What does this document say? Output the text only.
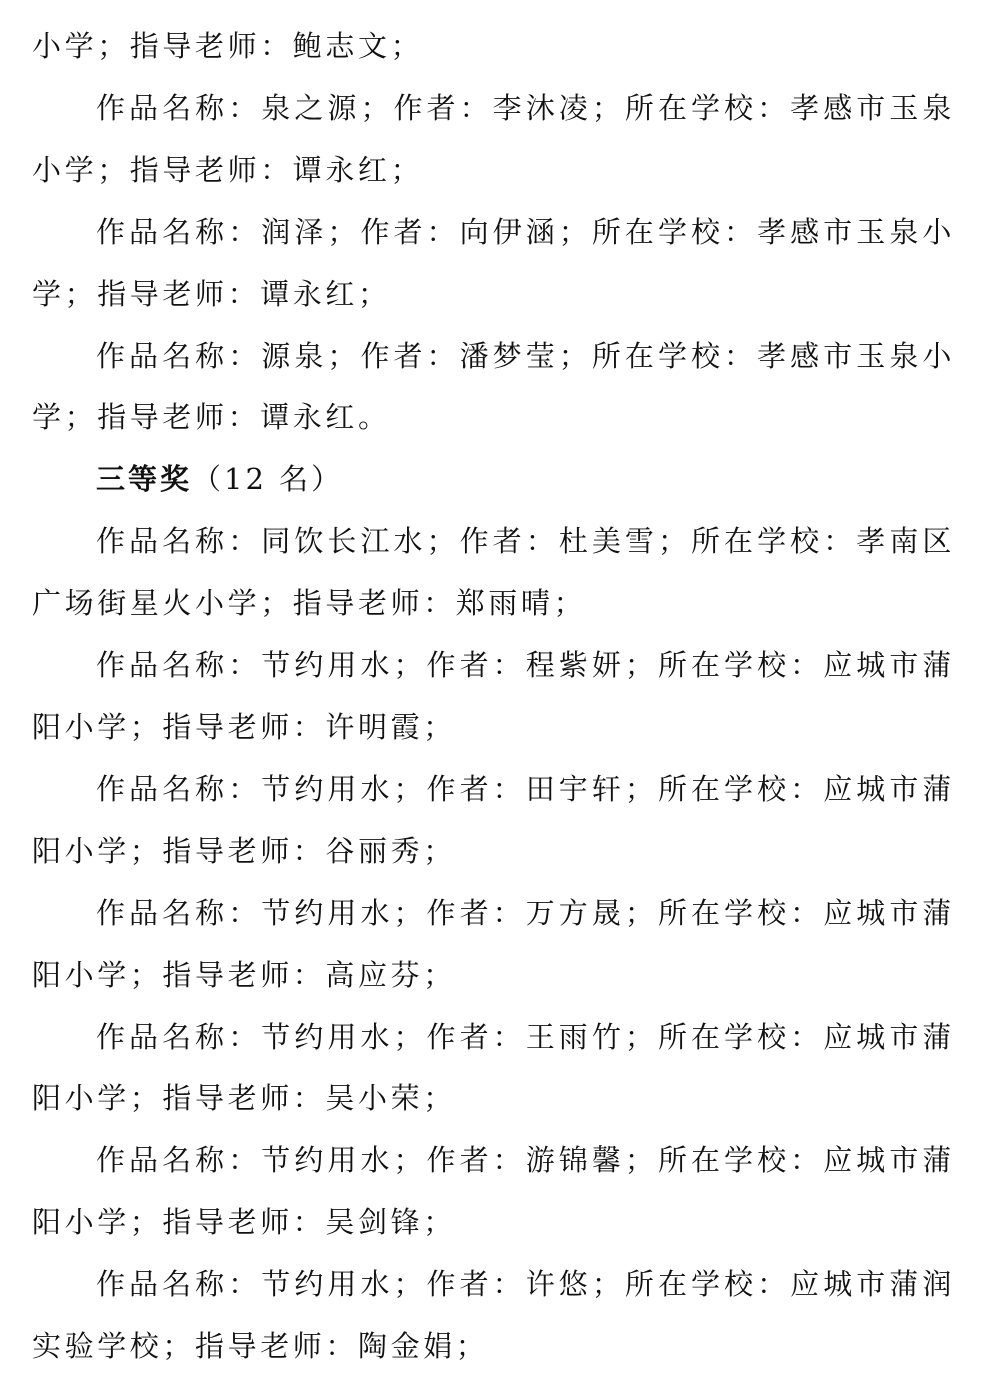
小学；指导老师：鲍志文；

作品名称：泉之源；作者：李沐凌；所在学校：孝感市玉泉小学；指导老师：谭永红；

作品名称：润泽；作者：向伊涵；所在学校：孝感市玉泉小学；指导老师：谭永红；

作品名称：源泉；作者：潘梦莹；所在学校：孝感市玉泉小学；指导老师：谭永红。

三等奖（12 名）

作品名称：同饮长江水；作者：杜美雪；所在学校：孝南区广场街星火小学；指导老师：郑雨晴；

作品名称：节约用水；作者：程紫妍；所在学校：应城市蒲阳小学；指导老师：许明霞；

作品名称：节约用水；作者：田宇轩；所在学校：应城市蒲阳小学；指导老师：谷丽秀；

作品名称：节约用水；作者：万方晟；所在学校：应城市蒲阳小学；指导老师：高应芬；

作品名称：节约用水；作者：王雨竹；所在学校：应城市蒲阳小学；指导老师：吴小荣；

作品名称：节约用水；作者：游锦馨；所在学校：应城市蒲阳小学；指导老师：吴剑锋；

作品名称：节约用水；作者：许悠；所在学校：应城市蒲润实验学校；指导老师：陶金娟；
